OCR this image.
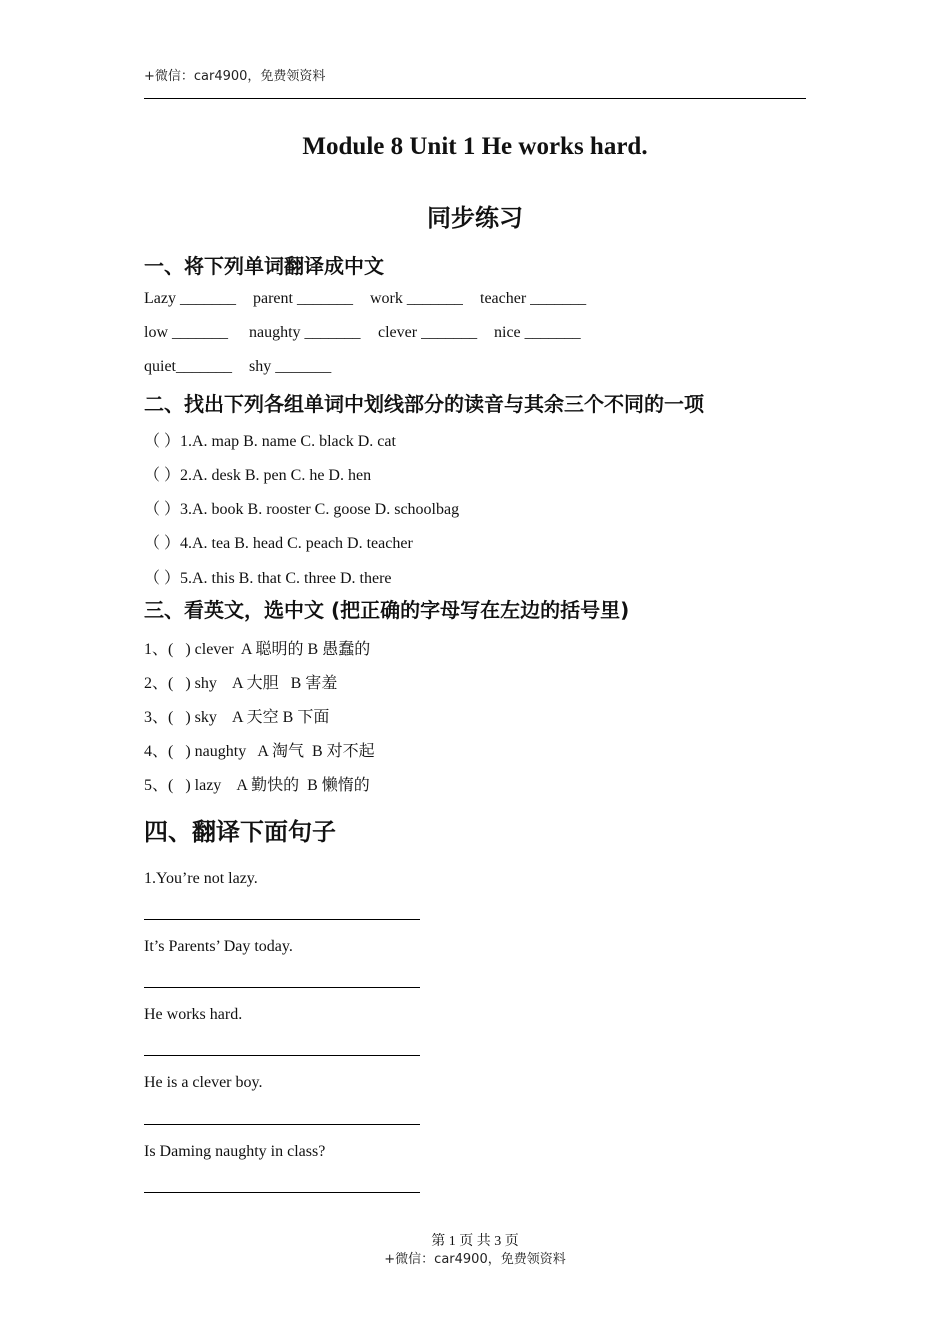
+微信：car4900，免费领资料
Module 8 Unit 1 He works hard.
同步练习
一、将下列单词翻译成中文
Lazy _______ parent _______ work _______ teacher _______
low _______ naughty _______ clever _______ nice _______
quiet_______ shy _______
二、找出下列各组单词中划线部分的读音与其余三个不同的一项
（ ）1.A. map B. name C. black D. cat
（ ）2.A. desk B. pen C. he D. hen
（ ）3.A. book B. rooster C. goose D. schoolbag
（ ）4.A. tea B. head C. peach D. teacher
（ ）5.A. this B. that C. three D. there
三、看英文，选中文 (把正确的字母写在左边的括号里)
1、(   ) clever  A 聪明的 B 愚蠢的
2、(   ) shy    A 大胆   B 害羞
3、(   ) sky    A 天空 B 下面
4、(   ) naughty   A 淘气  B 对不起
5、(   ) lazy    A 勤快的  B 懒惰的
四、翻译下面句子
1.You’re not lazy.
It’s Parents’ Day today.
He works hard.
He is a clever boy.
Is Daming naughty in class?
第 1 页 共 3 页
+微信：car4900，免费领资料
